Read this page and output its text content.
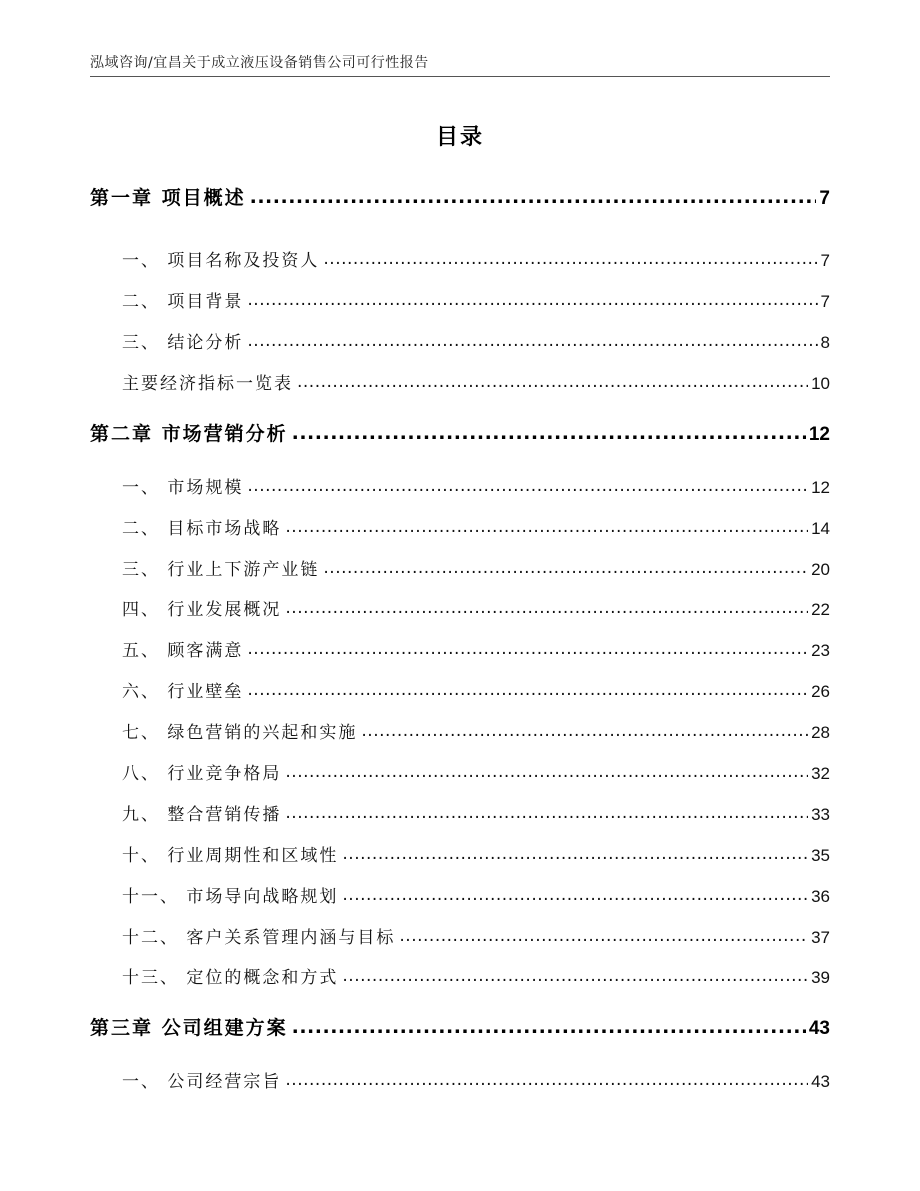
泓域咨询/宜昌关于成立液压设备销售公司可行性报告
目录
第一章 项目概述 .....	7
一、 项目名称及投资人 .....	7
二、 项目背景 .....	7
三、 结论分析 .....	8
主要经济指标一览表 .....	10
第二章 市场营销分析 .....	12
一、 市场规模 .....	12
二、 目标市场战略 .....	14
三、 行业上下游产业链 .....	20
四、 行业发展概况 .....	22
五、 顾客满意 .....	23
六、 行业壁垒 .....	26
七、 绿色营销的兴起和实施 .....	28
八、 行业竞争格局 .....	32
九、 整合营销传播 .....	33
十、 行业周期性和区域性 .....	35
十一、 市场导向战略规划 .....	36
十二、 客户关系管理内涵与目标 .....	37
十三、 定位的概念和方式 .....	39
第三章 公司组建方案 .....	43
一、 公司经营宗旨 .....	43
